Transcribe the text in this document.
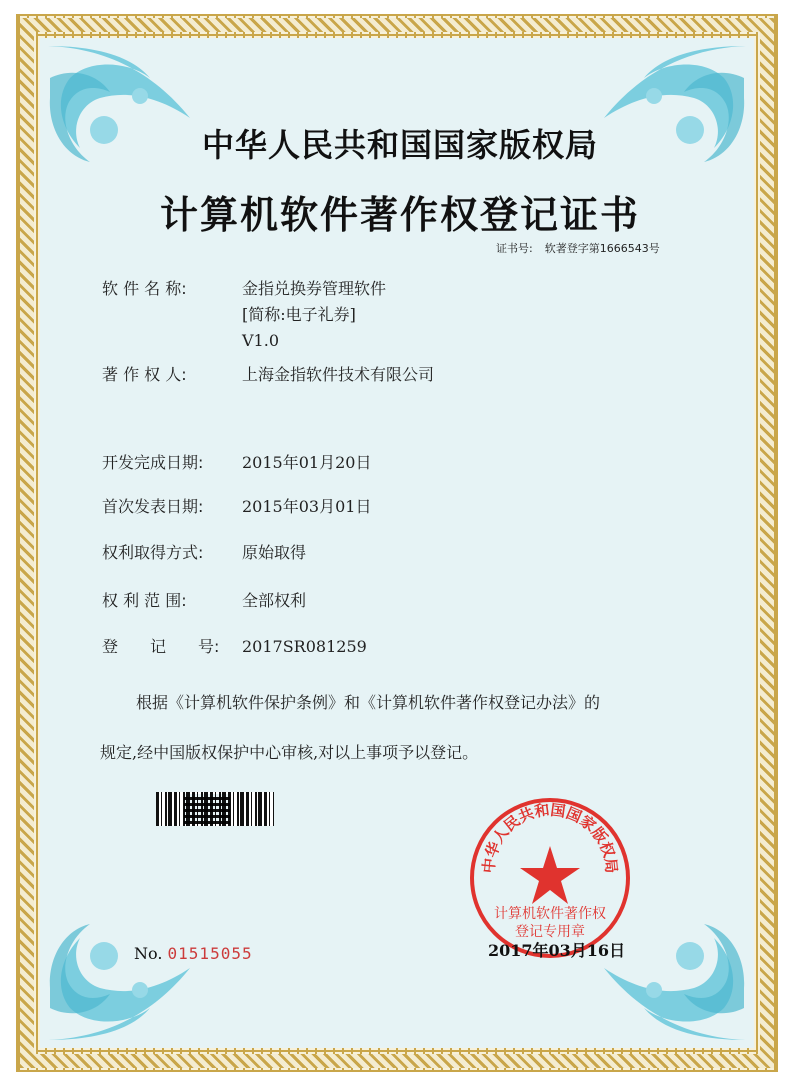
中华人民共和国国家版权局
计算机软件著作权登记证书
证书号: 软著登字第1666543号
软 件 名 称:	金指兑换券管理软件
[简称:电子礼券]
V1.0
著 作 权 人:	上海金指软件技术有限公司
开发完成日期: 2015年01月20日
首次发表日期: 2015年03月01日
权利取得方式: 原始取得
权 利 范 围:	全部权利
登　　记　　号: 2017SR081259
根据《计算机软件保护条例》和《计算机软件著作权登记办法》的
规定,经中国版权保护中心审核,对以上事项予以登记。
中华人民共和国国家版权局
计算机软件著作权
登记专用章
No. 01515055	2017年03月16日
